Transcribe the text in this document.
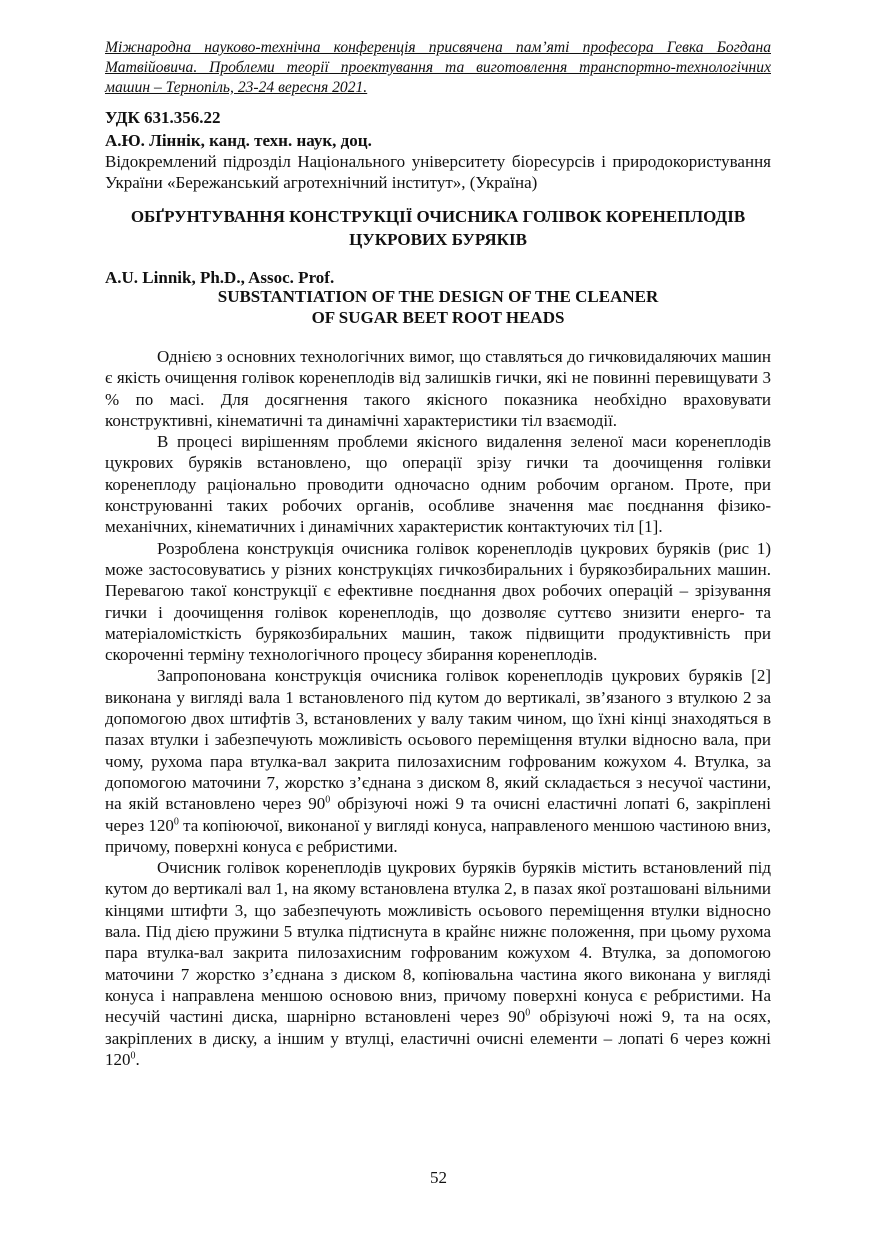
Міжнародна науково-технічна конференція присвячена пам’яті професора Гевка Богдана Матвійовича. Проблеми теорії проектування та виготовлення транспортно-технологічних машин – Тернопіль, 23-24 вересня 2021.
УДК 631.356.22
А.Ю. Ліннік, канд. техн. наук, доц.
Відокремлений підрозділ Національного університету біоресурсів і природокористування України «Бережанський агротехнічний інститут», (Україна)
ОБҐРУНТУВАННЯ КОНСТРУКЦІЇ ОЧИСНИКА ГОЛІВОК КОРЕНЕПЛОДІВ
ЦУКРОВИХ БУРЯКІВ
A.U. Linnik, Ph.D., Assoc. Prof.
SUBSTANTIATION OF THE DESIGN OF THE CLEANER
OF SUGAR BEET ROOT HEADS

Однією з основних технологічних вимог, що ставляться до гичковидаляючих машин є якість очищення голівок коренеплодів від залишків гички, які не повинні перевищувати 3 % по масі. Для досягнення такого якісного показника необхідно враховувати конструктивні, кінематичні та динамічні характеристики тіл взаємодії.

В процесі вирішенням проблеми якісного видалення зеленої маси коренеплодів цукрових буряків встановлено, що операції зрізу гички та доочищення голівки коренеплоду раціонально проводити одночасно одним робочим органом. Проте, при конструюванні таких робочих органів, особливе значення має поєднання фізико-механічних, кінематичних і динамічних характеристик контактуючих тіл [1].

Розроблена конструкція очисника голівок коренеплодів цукрових буряків (рис 1) може застосовуватись у різних конструкціях гичкозбиральних і бурякозбиральних машин. Перевагою такої конструкції є ефективне поєднання двох робочих операцій – зрізування гички і доочищення голівок коренеплодів, що дозволяє суттєво знизити енерго- та матеріаломісткість бурякозбиральних машин, також підвищити продуктивність при скороченні терміну технологічного процесу збирання коренеплодів.

Запропонована конструкція очисника голівок коренеплодів цукрових буряків [2] виконана у вигляді вала 1 встановленого під кутом до вертикалі, зв’язаного з втулкою 2 за допомогою двох штифтів 3, встановлених у валу таким чином, що їхні кінці знаходяться в пазах втулки і забезпечують можливість осьового переміщення втулки відносно вала, при чому, рухома пара втулка-вал закрита пилозахисним гофрованим кожухом 4. Втулка, за допомогою маточини 7, жорстко з’єднана з диском 8, який складається з несучої частини, на якій встановлено через $90^0$ обрізуючі ножі 9 та очисні еластичні лопаті 6, закріплені через $120^0$ та копіюючої, виконаної у вигляді конуса, направленого меншою частиною вниз, причому, поверхні конуса є ребристими.

Очисник голівок коренеплодів цукрових буряків буряків містить встановлений під кутом до вертикалі вал 1, на якому встановлена втулка 2, в пазах якої розташовані вільними кінцями штифти 3, що забезпечують можливість осьового переміщення втулки відносно вала. Під дією пружини 5 втулка підтиснута в крайнє нижнє положення, при цьому рухома пара втулка-вал закрита пилозахисним гофрованим кожухом 4. Втулка, за допомогою маточини 7 жорстко з’єднана з диском 8, копіювальна частина якого виконана у вигляді конуса і направлена меншою основою вниз, причому поверхні конуса є ребристими. На несучій частині диска, шарнірно встановлені через $90^0$ обрізуючі ножі 9, та на осях, закріплених в диску, а іншим у втулці, еластичні очисні елементи – лопаті 6 через кожні $120^0$.

52
